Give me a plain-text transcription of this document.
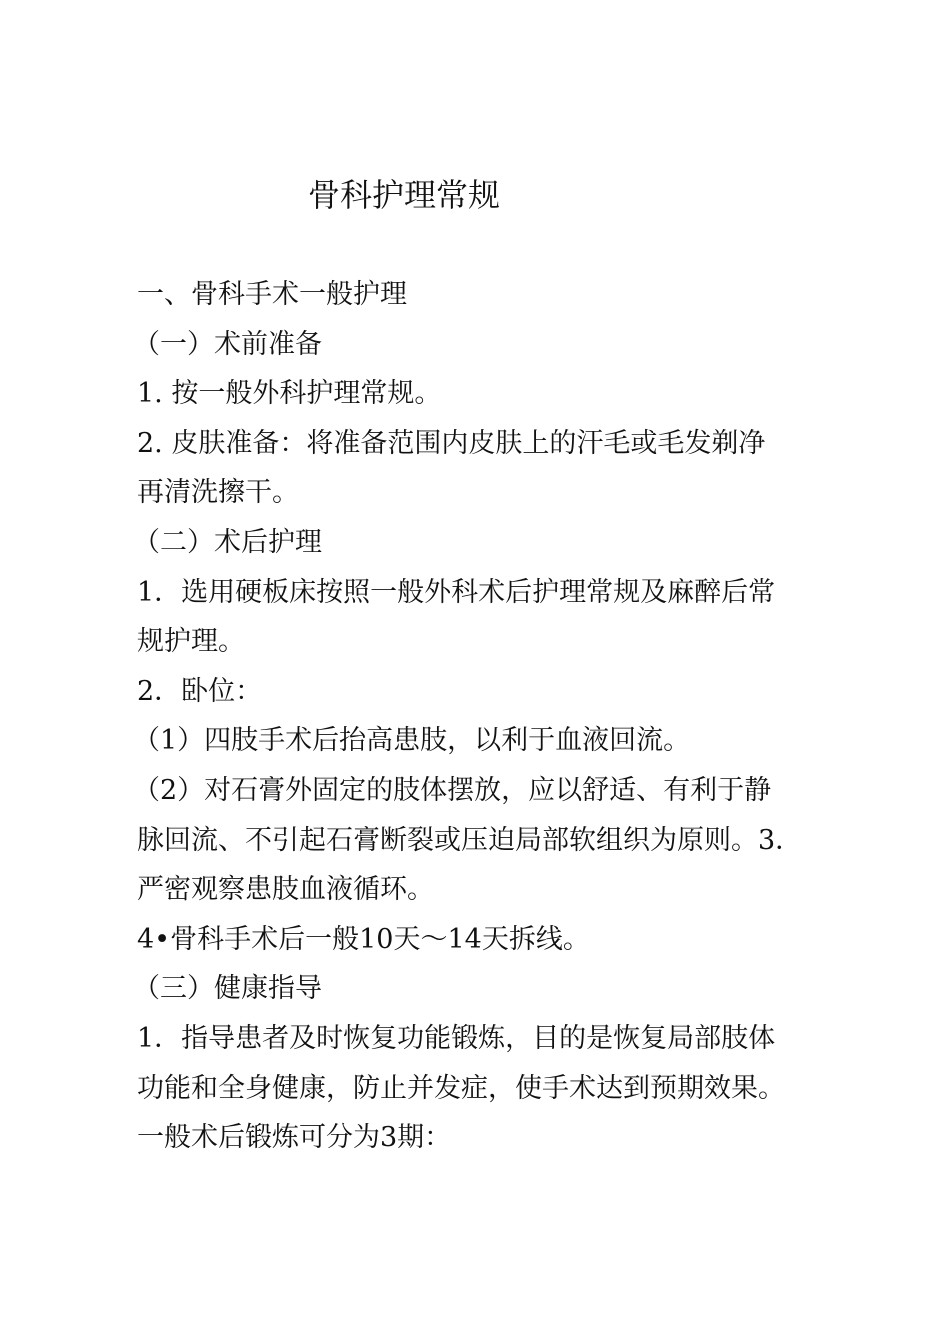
骨科护理常规

一、骨科手术一般护理

（一）术前准备

1. 按一般外科护理常规。

2. 皮肤准备：将准备范围内皮肤上的汗毛或毛发剃净

再清洗擦干。

（二）术后护理

1．选用硬板床按照一般外科术后护理常规及麻醉后常

规护理。

2．卧位：

（1）四肢手术后抬高患肢，以利于血液回流。

（2）对石膏外固定的肢体摆放，应以舒适、有利于静

脉回流、不引起石膏断裂或压迫局部软组织为原则。3．

严密观察患肢血液循环。

4•骨科手术后一般10天〜14天拆线。

（三）健康指导

1．指导患者及时恢复功能锻炼，目的是恢复局部肢体

功能和全身健康，防止并发症，使手术达到预期效果。

一般术后锻炼可分为3期：
